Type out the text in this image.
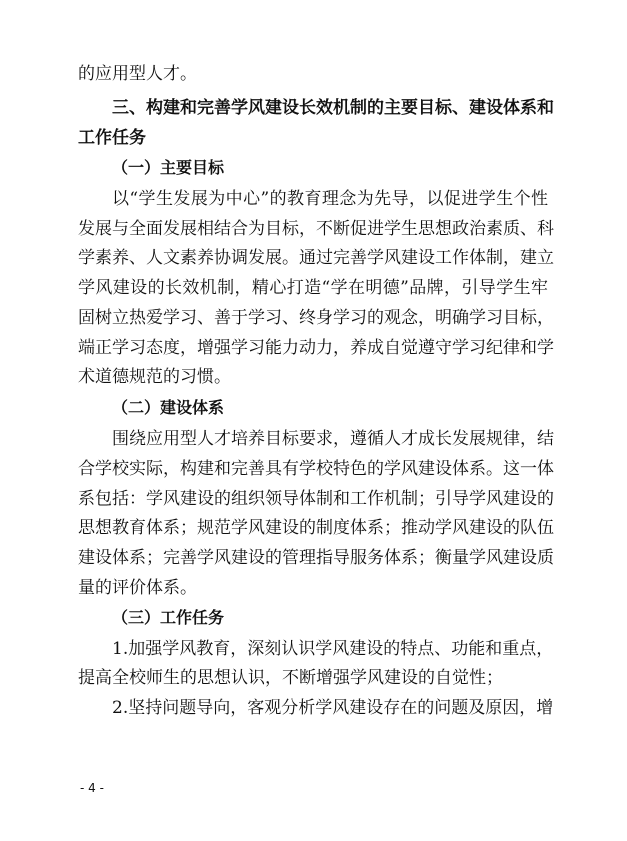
的应用型人才。
三、构建和完善学风建设长效机制的主要目标、建设体系和
工作任务
（一）主要目标
以“学生发展为中心”的教育理念为先导，以促进学生个性
发展与全面发展相结合为目标，不断促进学生思想政治素质、科
学素养、人文素养协调发展。通过完善学风建设工作体制，建立
学风建设的长效机制，精心打造“学在明德”品牌，引导学生牢
固树立热爱学习、善于学习、终身学习的观念，明确学习目标，
端正学习态度，增强学习能力动力，养成自觉遵守学习纪律和学
术道德规范的习惯。
（二）建设体系
围绕应用型人才培养目标要求，遵循人才成长发展规律，结
合学校实际，构建和完善具有学校特色的学风建设体系。这一体
系包括：学风建设的组织领导体制和工作机制；引导学风建设的
思想教育体系；规范学风建设的制度体系；推动学风建设的队伍
建设体系；完善学风建设的管理指导服务体系；衡量学风建设质
量的评价体系。
（三）工作任务
1.加强学风教育，深刻认识学风建设的特点、功能和重点，
提高全校师生的思想认识，不断增强学风建设的自觉性；
2.坚持问题导向，客观分析学风建设存在的问题及原因，增
- 4 -
